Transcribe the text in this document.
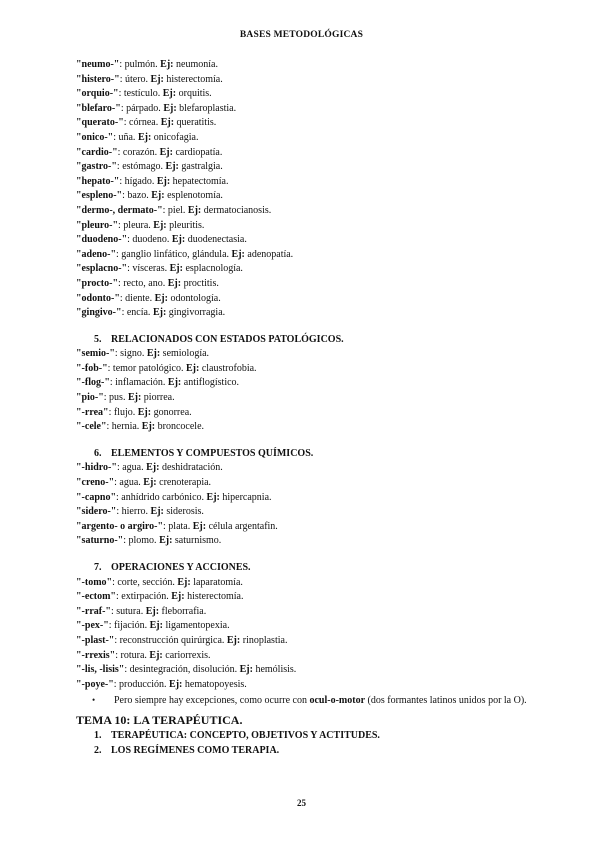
BASES METODOLÓGICAS
"neumo-": pulmón. Ej: neumonía.
"histero-": útero. Ej: histerectomía.
"orquio-": testículo. Ej: orquitis.
"blefaro-": párpado. Ej: blefaroplastia.
"querato-": córnea. Ej: queratitis.
"onico-": uña. Ej: onicofagia.
"cardio-": corazón. Ej: cardiopatía.
"gastro-": estómago. Ej: gastralgia.
"hepato-": hígado. Ej: hepatectomía.
"espleno-": bazo. Ej: esplenotomía.
"dermo-, dermato-": piel. Ej: dermatocianosis.
"pleuro-": pleura. Ej: pleuritis.
"duodeno-": duodeno. Ej: duodenectasia.
"adeno-": ganglio linfático, glándula. Ej: adenopatía.
"esplacno-": vísceras. Ej: esplacnología.
"procto-": recto, ano. Ej: proctitis.
"odonto-": diente. Ej: odontología.
"gingivo-": encía. Ej: gingivorragia.
5. RELACIONADOS CON ESTADOS PATOLÓGICOS.
"semio-": signo. Ej: semiología.
"-fob-": temor patológico. Ej: claustrofobia.
"-flog-": inflamación. Ej: antiflogístico.
"pio-": pus. Ej: piorrea.
"-rrea": flujo. Ej: gonorrea.
"-cele": hernia. Ej: broncocele.
6. ELEMENTOS Y COMPUESTOS QUÍMICOS.
"-hidro-": agua. Ej: deshidratación.
"creno-": agua. Ej: crenoterapia.
"-capno": anhídrido carbónico. Ej: hipercapnia.
"sidero-": hierro. Ej: siderosis.
"argento- o argiro-": plata. Ej: célula argentafin.
"saturno-": plomo. Ej: saturnismo.
7. OPERACIONES Y ACCIONES.
"-tomo": corte, sección. Ej: laparatomía.
"-ectom": extirpación. Ej: histerectomía.
"-rraf-": sutura. Ej: fleborrafia.
"-pex-": fijación. Ej: ligamentopexia.
"-plast-": reconstrucción quirúrgica. Ej: rinoplastia.
"-rrexis": rotura. Ej: cariorrexis.
"-lis, -lisis": desintegración, disolución. Ej: hemólisis.
"-poye-": producción. Ej: hematopoyesis.
• Pero siempre hay excepciones, como ocurre con ocul-o-motor (dos formantes latinos unidos por la O).
TEMA 10: LA TERAPÉUTICA.
1. TERAPÉUTICA: CONCEPTO, OBJETIVOS Y ACTITUDES.
2. LOS REGÍMENES COMO TERAPIA.
25
